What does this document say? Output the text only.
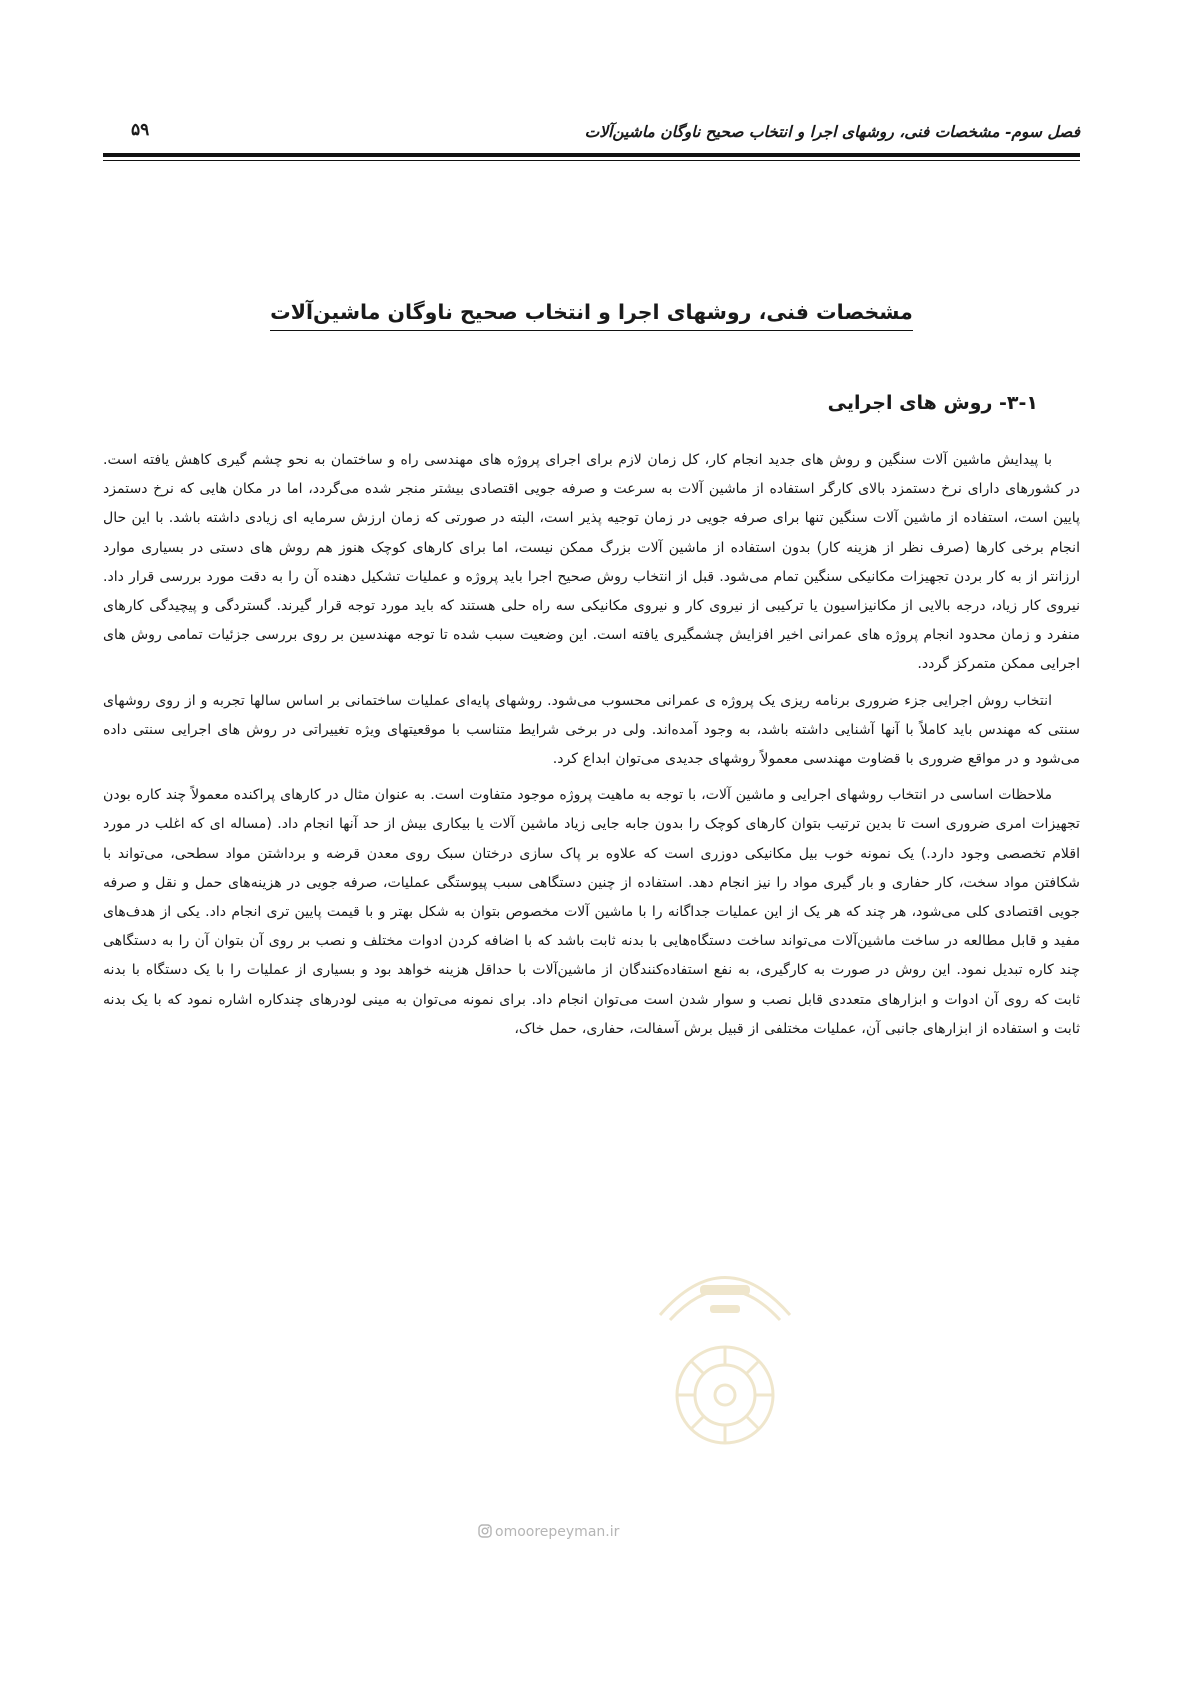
فصل سوم- مشخصات فنی، روشهای اجرا و انتخاب صحیح ناوگان ماشین‌آلات
۵۹
مشخصات فنی، روشهای اجرا و انتخاب صحیح ناوگان ماشین‌آلات
۳-۱- روش های اجرایی

با پیدایش ماشین آلات سنگین و روش های جدید انجام کار، کل زمان لازم برای اجرای پروژه های مهندسی راه و ساختمان به نحو چشم گیری کاهش یافته است. در کشورهای دارای نرخ دستمزد بالای کارگر استفاده از ماشین آلات به سرعت و صرفه جویی اقتصادی بیشتر منجر شده می‌گردد، اما در مکان هایی که نرخ دستمزد پایین است، استفاده از ماشین آلات سنگین تنها برای صرفه جویی در زمان توجیه پذیر است، البته در صورتی که زمان ارزش سرمایه ای زیادی داشته باشد. با این حال انجام برخی کارها (صرف نظر از هزینه کار) بدون استفاده از ماشین آلات بزرگ ممکن نیست، اما برای کارهای کوچک هنوز هم روش های دستی در بسیاری موارد ارزانتر از به کار بردن تجهیزات مکانیکی سنگین تمام می‌شود. قبل از انتخاب روش صحیح اجرا باید پروژه و عملیات تشکیل دهنده آن را به دقت مورد بررسی قرار داد. نیروی کار زیاد، درجه بالایی از مکانیزاسیون یا ترکیبی از نیروی کار و نیروی مکانیکی سه راه حلی هستند که باید مورد توجه قرار گیرند. گستردگی و پیچیدگی کارهای منفرد و زمان محدود انجام پروژه های عمرانی اخیر افزایش چشمگیری یافته است. این وضعیت سبب شده تا توجه مهندسین بر روی بررسی جزئیات تمامی روش های اجرایی ممکن متمرکز گردد.

انتخاب روش اجرایی جزء ضروری برنامه ریزی یک پروژه ی عمرانی محسوب می‌شود. روشهای پایه‌ای عملیات ساختمانی بر اساس سالها تجربه و از روی روشهای سنتی که مهندس باید کاملاً با آنها آشنایی داشته باشد، به وجود آمده‌اند. ولی در برخی شرایط متناسب با موقعیتهای ویژه تغییراتی در روش های اجرایی سنتی داده می‌شود و در مواقع ضروری با قضاوت مهندسی معمولاً روشهای جدیدی می‌توان ابداع کرد.

ملاحظات اساسی در انتخاب روشهای اجرایی و ماشین آلات، با توجه به ماهیت پروژه موجود متفاوت است. به عنوان مثال در کارهای پراکنده معمولاً چند کاره بودن تجهیزات امری ضروری است تا بدین ترتیب بتوان کارهای کوچک را بدون جابه جایی زیاد ماشین آلات یا بیکاری بیش از حد آنها انجام داد. (مساله ای که اغلب در مورد اقلام تخصصی وجود دارد.) یک نمونه خوب بیل مکانیکی دوزری است که علاوه بر پاک سازی درختان سبک روی معدن قرضه و برداشتن مواد سطحی، می‌تواند با شکافتن مواد سخت، کار حفاری و بار گیری مواد را نیز انجام دهد. استفاده از چنین دستگاهی سبب پیوستگی عملیات، صرفه جویی در هزینه‌های حمل و نقل و صرفه جویی اقتصادی کلی می‌شود، هر چند که هر یک از این عملیات جداگانه را با ماشین آلات مخصوص بتوان به شکل بهتر و با قیمت پایین تری انجام داد. یکی از هدف‌های مفید و قابل مطالعه در ساخت ماشین‌آلات می‌تواند ساخت دستگاه‌هایی با بدنه ثابت باشد که با اضافه کردن ادوات مختلف و نصب بر روی آن بتوان آن را به دستگاهی چند کاره تبدیل نمود. این روش در صورت به کارگیری، به نفع استفاده‌کنندگان از ماشین‌آلات با حداقل هزینه خواهد بود و بسیاری از عملیات را با یک دستگاه با بدنه ثابت که روی آن ادوات و ابزارهای متعددی قابل نصب و سوار شدن است می‌توان انجام داد. برای نمونه می‌توان به مینی لودرهای چندکاره اشاره نمود که با یک بدنه ثابت و استفاده از ابزارهای جانبی آن، عملیات مختلفی از قبیل برش آسفالت، حفاری، حمل خاک،

omoorepeyman.ir
